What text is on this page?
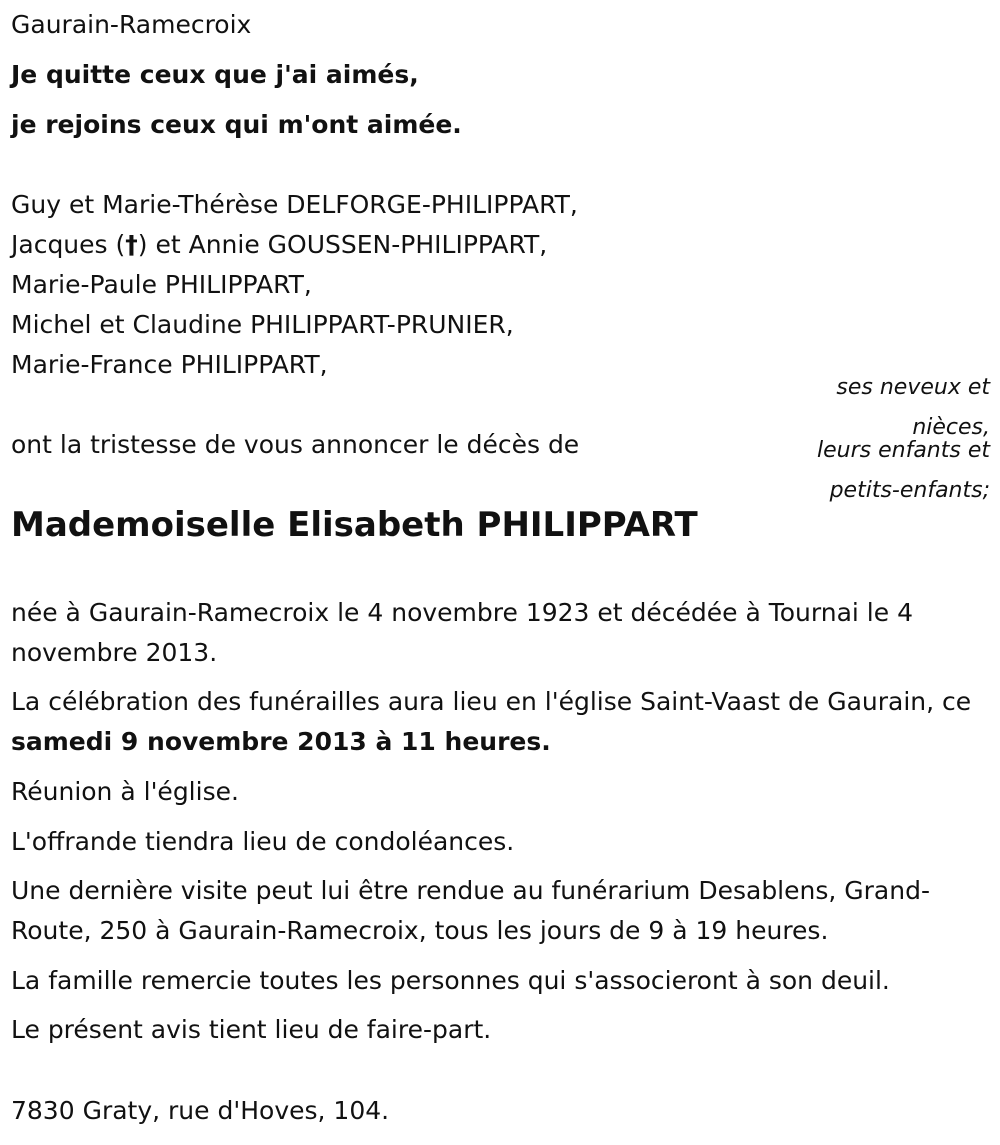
Gaurain-Ramecroix
Je quitte ceux que j'ai aimés,
je rejoins ceux qui m'ont aimée.
Guy et Marie-Thérèse DELFORGE-PHILIPPART,
Jacques (†) et Annie GOUSSEN-PHILIPPART,
Marie-Paule PHILIPPART,
Michel et Claudine PHILIPPART-PRUNIER,
Marie-France PHILIPPART,
ses neveux et
nièces,
leurs enfants et
petits-enfants;
ont la tristesse de vous annoncer le décès de
Mademoiselle Elisabeth PHILIPPART
née à Gaurain-Ramecroix le 4 novembre 1923 et décédée à Tournai le 4 novembre 2013.
La célébration des funérailles aura lieu en l'église Saint-Vaast de Gaurain, ce samedi 9 novembre 2013 à 11 heures.
Réunion à l'église.
L'offrande tiendra lieu de condoléances.
Une dernière visite peut lui être rendue au funérarium Desablens, Grand-Route, 250 à Gaurain-Ramecroix, tous les jours de 9 à 19 heures.
La famille remercie toutes les personnes qui s'associeront à son deuil.
Le présent avis tient lieu de faire-part.
7830 Graty, rue d'Hoves, 104.
